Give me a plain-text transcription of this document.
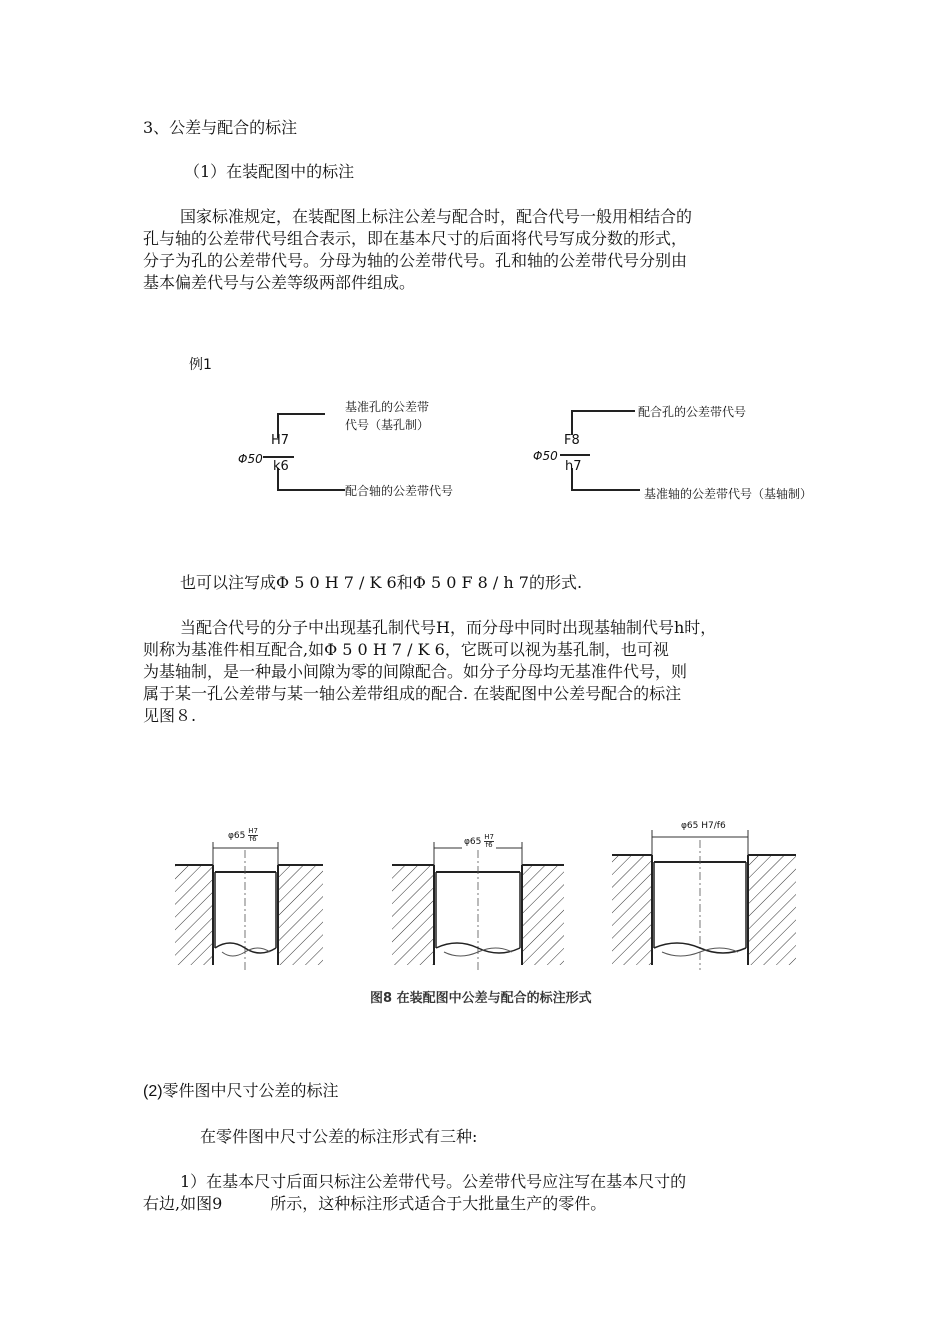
3、公差与配合的标注
（1）在装配图中的标注
国家标准规定，在装配图上标注公差与配合时，配合代号一般用相结合的
孔与轴的公差带代号组合表示，即在基本尺寸的后面将代号写成分数的形式，
分子为孔的公差带代号。分母为轴的公差带代号。孔和轴的公差带代号分别由
基本偏差代号与公差等级两部件组成。
例1
H7
Φ50 k6
基准孔的公差带
代号（基孔制）
配合轴的公差带代号
F8
Φ50
h7
配合孔的公差带代号
基准轴的公差带代号（基轴制）
也可以注写成Φ 5 0 H 7 / K 6和Φ 5 0 F 8 / h 7的形式.
当配合代号的分子中出现基孔制代号H，而分母中同时出现基轴制代号h时，
则称为基准件相互配合,如Φ 5 0 H 7 / K 6，它既可以视为基孔制，也可视
为基轴制，是一种最小间隙为零的间隙配合。如分子分母均无基准件代号，则
属于某一孔公差带与某一轴公差带组成的配合. 在装配图中公差号配合的标注
见图８.
$\varphi 65 \frac{H7}{f6}$	$\varphi 65 \frac{H7}{f6}$
φ65 H7/f6
图8 在装配图中公差与配合的标注形式
(2)零件图中尺寸公差的标注
在零件图中尺寸公差的标注形式有三种:
1）在基本尺寸后面只标注公差带代号。公差带代号应注写在基本尺寸的
右边,如图9　　　所示，这种标注形式适合于大批量生产的零件。
